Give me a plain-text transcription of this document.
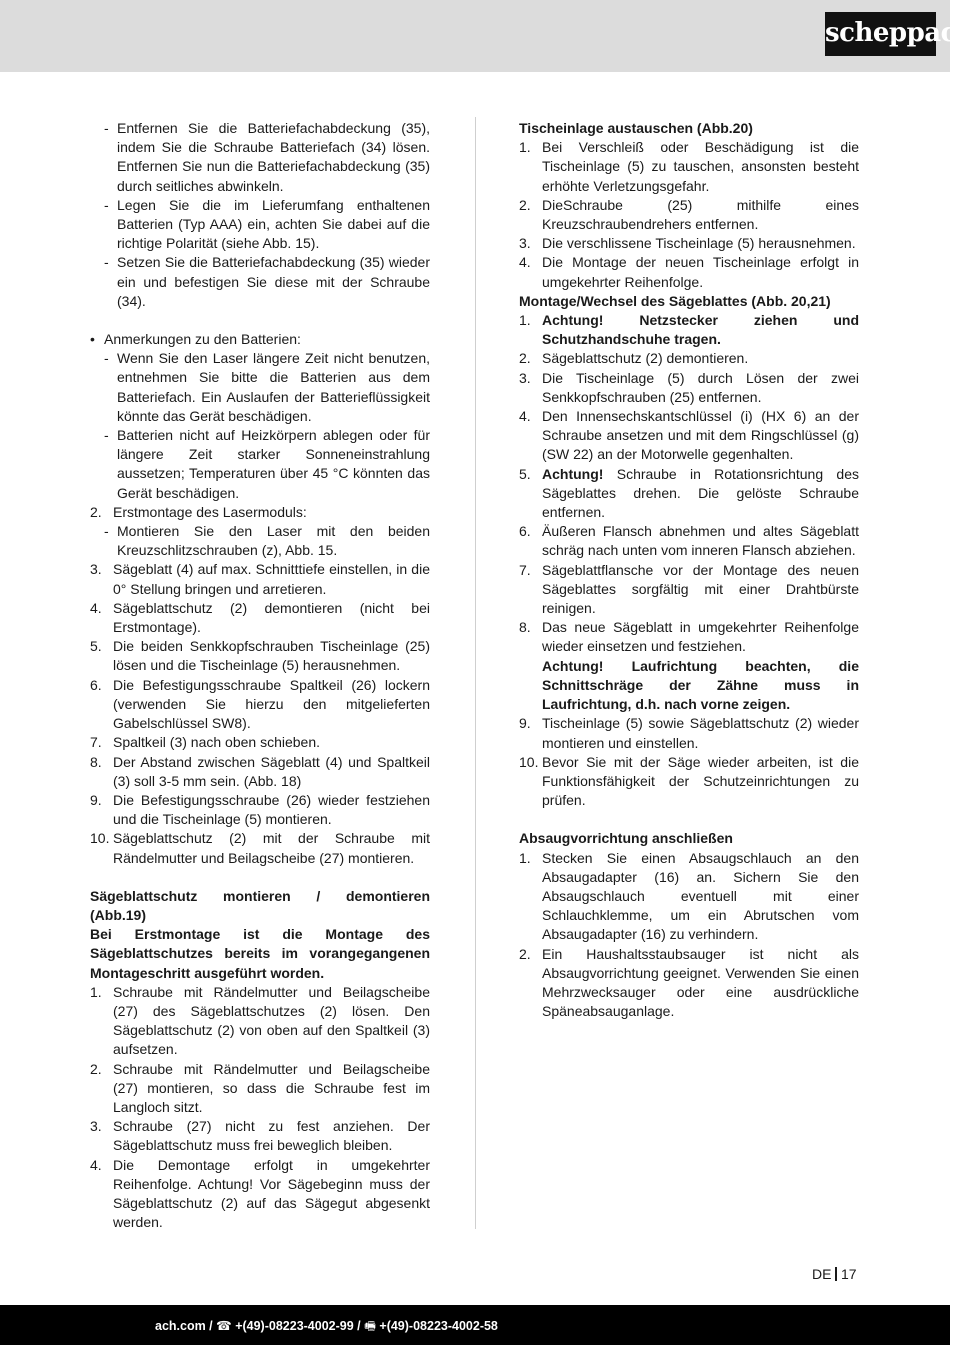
scheppach
- Entfernen Sie die Batteriefachabdeckung (35), indem Sie die Schraube Batteriefach (34) lösen. Entfernen Sie nun die Batteriefachabdeckung (35) durch seitliches abwinkeln.
- Legen Sie die im Lieferumfang enthaltenen Batterien (Typ AAA) ein, achten Sie dabei auf die richtige Polarität (siehe Abb. 15).
- Setzen Sie die Batteriefachabdeckung (35) wieder ein und befestigen Sie diese mit der Schraube (34).
• Anmerkungen zu den Batterien:
- Wenn Sie den Laser längere Zeit nicht benutzen, entnehmen Sie bitte die Batterien aus dem Batteriefach. Ein Auslaufen der Batterieflüssigkeit könnte das Gerät beschädigen.
- Batterien nicht auf Heizkörpern ablegen oder für längere Zeit starker Sonneneinstrahlung aussetzen; Temperaturen über 45 °C könnten das Gerät beschädigen.
2. Erstmontage des Lasermoduls:
- Montieren Sie den Laser mit den beiden Kreuzschlitzschrauben (z), Abb. 15.
3. Sägeblatt (4) auf max. Schnitttiefe einstellen, in die 0° Stellung bringen und arretieren.
4. Sägeblattschutz (2) demontieren (nicht bei Erstmontage).
5. Die beiden Senkkopfschrauben Tischeinlage (25) lösen und die Tischeinlage (5) herausnehmen.
6. Die Befestigungsschraube Spaltkeil (26) lockern (verwenden Sie hierzu den mitgelieferten Gabelschlüssel SW8).
7. Spaltkeil (3) nach oben schieben.
8. Der Abstand zwischen Sägeblatt (4) und Spaltkeil (3) soll 3-5 mm sein. (Abb. 18)
9. Die Befestigungsschraube (26) wieder festziehen und die Tischeinlage (5) montieren.
10. Sägeblattschutz (2) mit der Schraube mit Rändelmutter und Beilagscheibe (27) montieren.

Sägeblattschutz montieren / demontieren

(Abb.19)

Bei Erstmontage ist die Montage des Sägeblattschutzes bereits im vorangegangenen Montageschritt ausgeführt worden.

1. Schraube mit Rändelmutter und Beilagscheibe (27) des Sägeblattschutzes (2) lösen. Den Sägeblattschutz (2) von oben auf den Spaltkeil (3) aufsetzen.
2. Schraube mit Rändelmutter und Beilagscheibe (27) montieren, so dass die Schraube fest im Langloch sitzt.
3. Schraube (27) nicht zu fest anziehen. Der Sägeblattschutz muss frei beweglich bleiben.
4. Die Demontage erfolgt in umgekehrter Reihenfolge. Achtung! Vor Sägebeginn muss der Sägeblattschutz (2) auf das Sägegut abgesenkt werden.

Tischeinlage austauschen (Abb.20)

1. Bei Verschleiß oder Beschädigung ist die Tischeinlage (5) zu tauschen, ansonsten besteht erhöhte Verletzungsgefahr.
2. DieSchraube (25) mithilfe eines Kreuzschraubendrehers entfernen.
3. Die verschlissene Tischeinlage (5) herausnehmen.
4. Die Montage der neuen Tischeinlage erfolgt in umgekehrter Reihenfolge.

Montage/Wechsel des Sägeblattes (Abb. 20,21)

1. Achtung! Netzstecker ziehen und Schutzhandschuhe tragen.
2. Sägeblattschutz (2) demontieren.
3. Die Tischeinlage (5) durch Lösen der zwei Senkkopfschrauben (25) entfernen.
4. Den Innensechskantschlüssel (i) (HX 6) an der Schraube ansetzen und mit dem Ringschlüssel (g) (SW 22) an der Motorwelle gegenhalten.
5. Achtung! Schraube in Rotationsrichtung des Sägeblattes drehen. Die gelöste Schraube entfernen.
6. Äußeren Flansch abnehmen und altes Sägeblatt schräg nach unten vom inneren Flansch abziehen.
7. Sägeblattflansche vor der Montage des neuen Sägeblattes sorgfältig mit einer Drahtbürste reinigen.
8. Das neue Sägeblatt in umgekehrter Reihenfolge wieder einsetzen und festziehen.

Achtung! Laufrichtung beachten, die Schnittschräge der Zähne muss in Laufrichtung, d.h. nach vorne zeigen.

9. Tischeinlage (5) sowie Sägeblattschutz (2) wieder montieren und einstellen.
10. Bevor Sie mit der Säge wieder arbeiten, ist die Funktionsfähigkeit der Schutzeinrichtungen zu prüfen.

Absaugvorrichtung anschließen

1. Stecken Sie einen Absaugschlauch an den Absaugadapter (16) an. Sichern Sie den Absaugschlauch eventuell mit einer Schlauchklemme, um ein Abrutschen vom Absaugadapter (16) zu verhindern.
2. Ein Haushaltsstaubsauger ist nicht als Absaugvorrichtung geeignet. Verwenden Sie einen Mehrzwecksauger oder eine ausdrückliche Späneabsauganlage.
DE 17
ach.com / ☎ +(49)-08223-4002-99 / 🖷 +(49)-08223-4002-58
